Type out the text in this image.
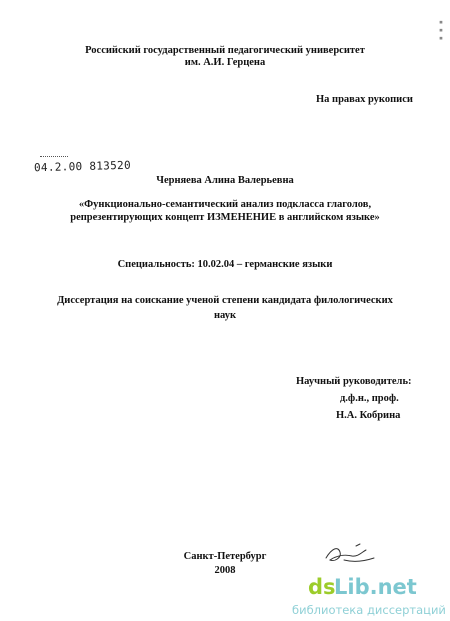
Российский государственный педагогический университет
им. А.И. Герцена
На правах рукописи
▪▪▪
04.2.00 813520
Черняева Алина Валерьевна
«Функционально-семантический анализ подкласса глаголов,
репрезентирующих концепт ИЗМЕНЕНИЕ в английском языке»
Специальность: 10.02.04 – германские языки
Диссертация на соискание ученой степени кандидата филологических
наук
Научный руководитель:
д.ф.н., проф.
Н.А. Кобрина
Санкт-Петербург
2008
ds
Lib.net
библиотека диссертаций
